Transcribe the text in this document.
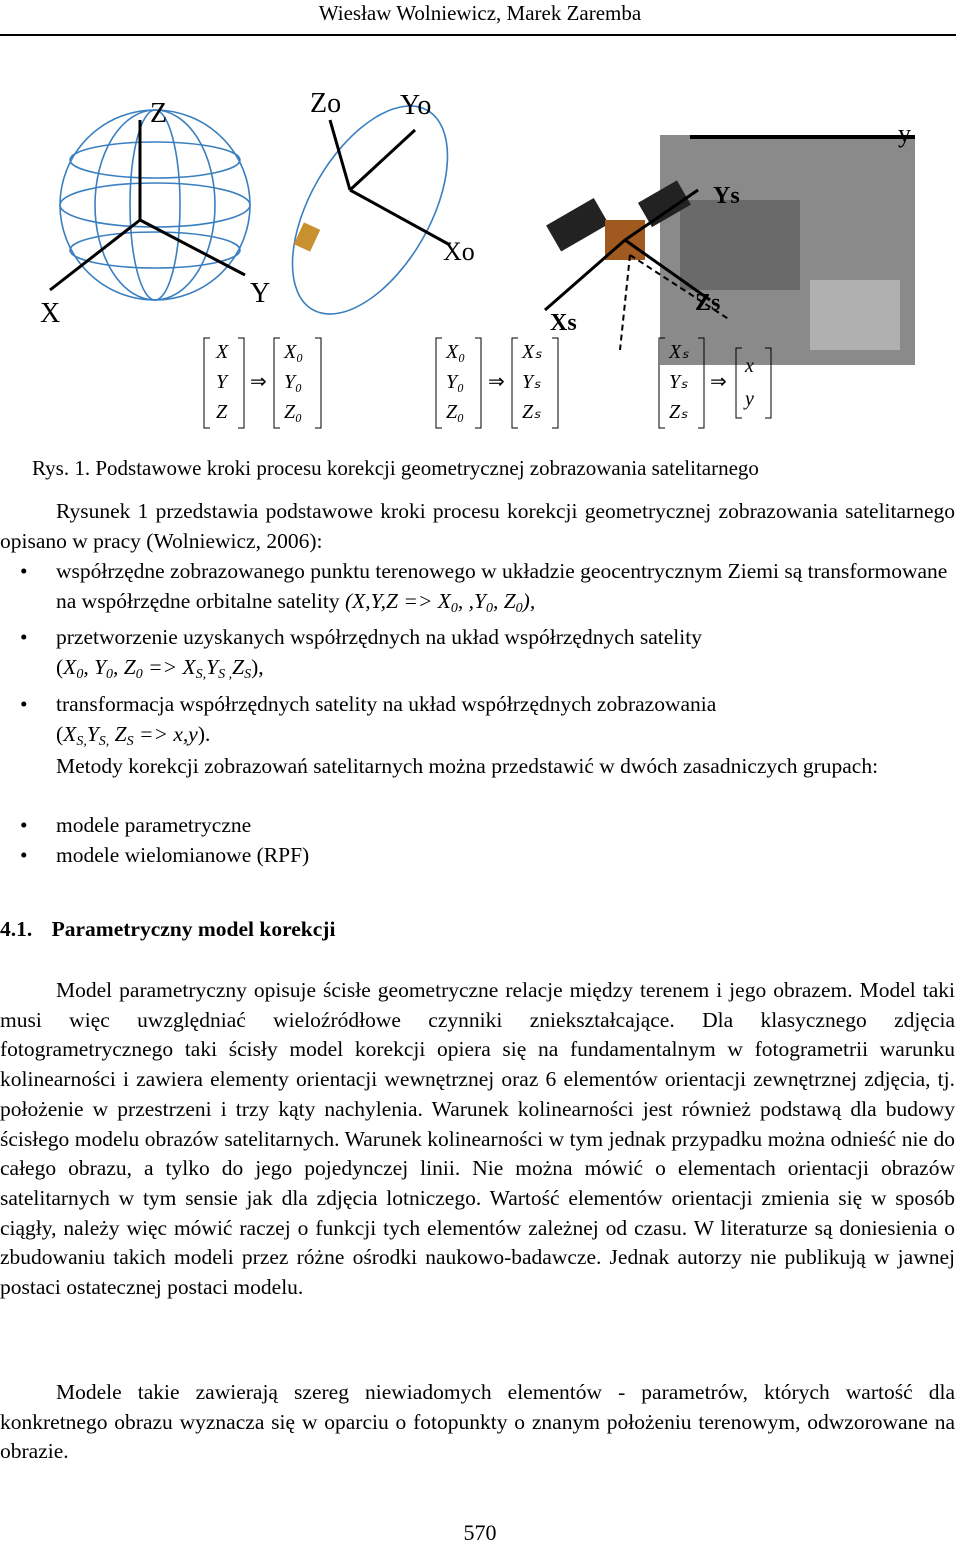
Wiesław Wolniewicz, Marek Zaremba
Z
Y
X
Zo Yo
Xo
y
Ys
Xs
Zs
X
Y
Z
⇒
X₀
Y₀
Z₀
X₀
Y₀
Z₀
⇒
Xₛ
Yₛ
Zₛ
Xₛ
Yₛ
Zₛ
⇒
x
y
Rys. 1. Podstawowe kroki procesu korekcji geometrycznej zobrazowania satelitarnego
Rysunek 1 przedstawia podstawowe kroki procesu korekcji geometrycznej zobrazowania satelitarnego opisano w pracy (Wolniewicz, 2006):
• współrzędne zobrazowanego punktu terenowego w układzie geocentrycznym Ziemi są transformowane na współrzędne orbitalne satelity ($X,Y,Z => X_0$, $,Y_0$, $Z_0$),
• przetworzenie uzyskanych współrzędnych na układ współrzędnych satelity
($X_0$, $Y_0$, $Z_0 => X_{S,}Y_{S ,}Z_S$),
• transformacja współrzędnych satelity na układ współrzędnych zobrazowania
($X_{S,}Y_{S,}$ $Z_S => x,y$).
Metody korekcji zobrazowań satelitarnych można przedstawić w dwóch zasadniczych grupach:
• modele parametryczne
• modele wielomianowe (RPF)
4.1. Parametryczny model korekcji
Model parametryczny opisuje ścisłe geometryczne relacje między terenem i jego obrazem. Model taki musi więc uwzględniać wieloźródłowe czynniki zniekształcające. Dla klasycznego zdjęcia fotogrametrycznego taki ścisły model korekcji opiera się na fundamentalnym w fotogrametrii warunku kolinearności i zawiera elementy orientacji wewnętrznej oraz 6 elementów orientacji zewnętrznej zdjęcia, tj. położenie w przestrzeni i trzy kąty nachylenia. Warunek kolinearności jest również podstawą dla budowy ścisłego modelu obrazów satelitarnych. Warunek kolinearności w tym jednak przypadku można odnieść nie do całego obrazu, a tylko do jego pojedynczej linii. Nie można mówić o elementach orientacji obrazów satelitarnych w tym sensie jak dla zdjęcia lotniczego. Wartość elementów orientacji zmienia się w sposób ciągły, należy więc mówić raczej o funkcji tych elementów zależnej od czasu. W literaturze są doniesienia o zbudowaniu takich modeli przez różne ośrodki naukowo-badawcze. Jednak autorzy nie publikują w jawnej postaci ostatecznej postaci modelu.
Modele takie zawierają szereg niewiadomych elementów - parametrów, których wartość dla konkretnego obrazu wyznacza się w oparciu o fotopunkty o znanym położeniu terenowym, odwzorowane na obrazie.
570
